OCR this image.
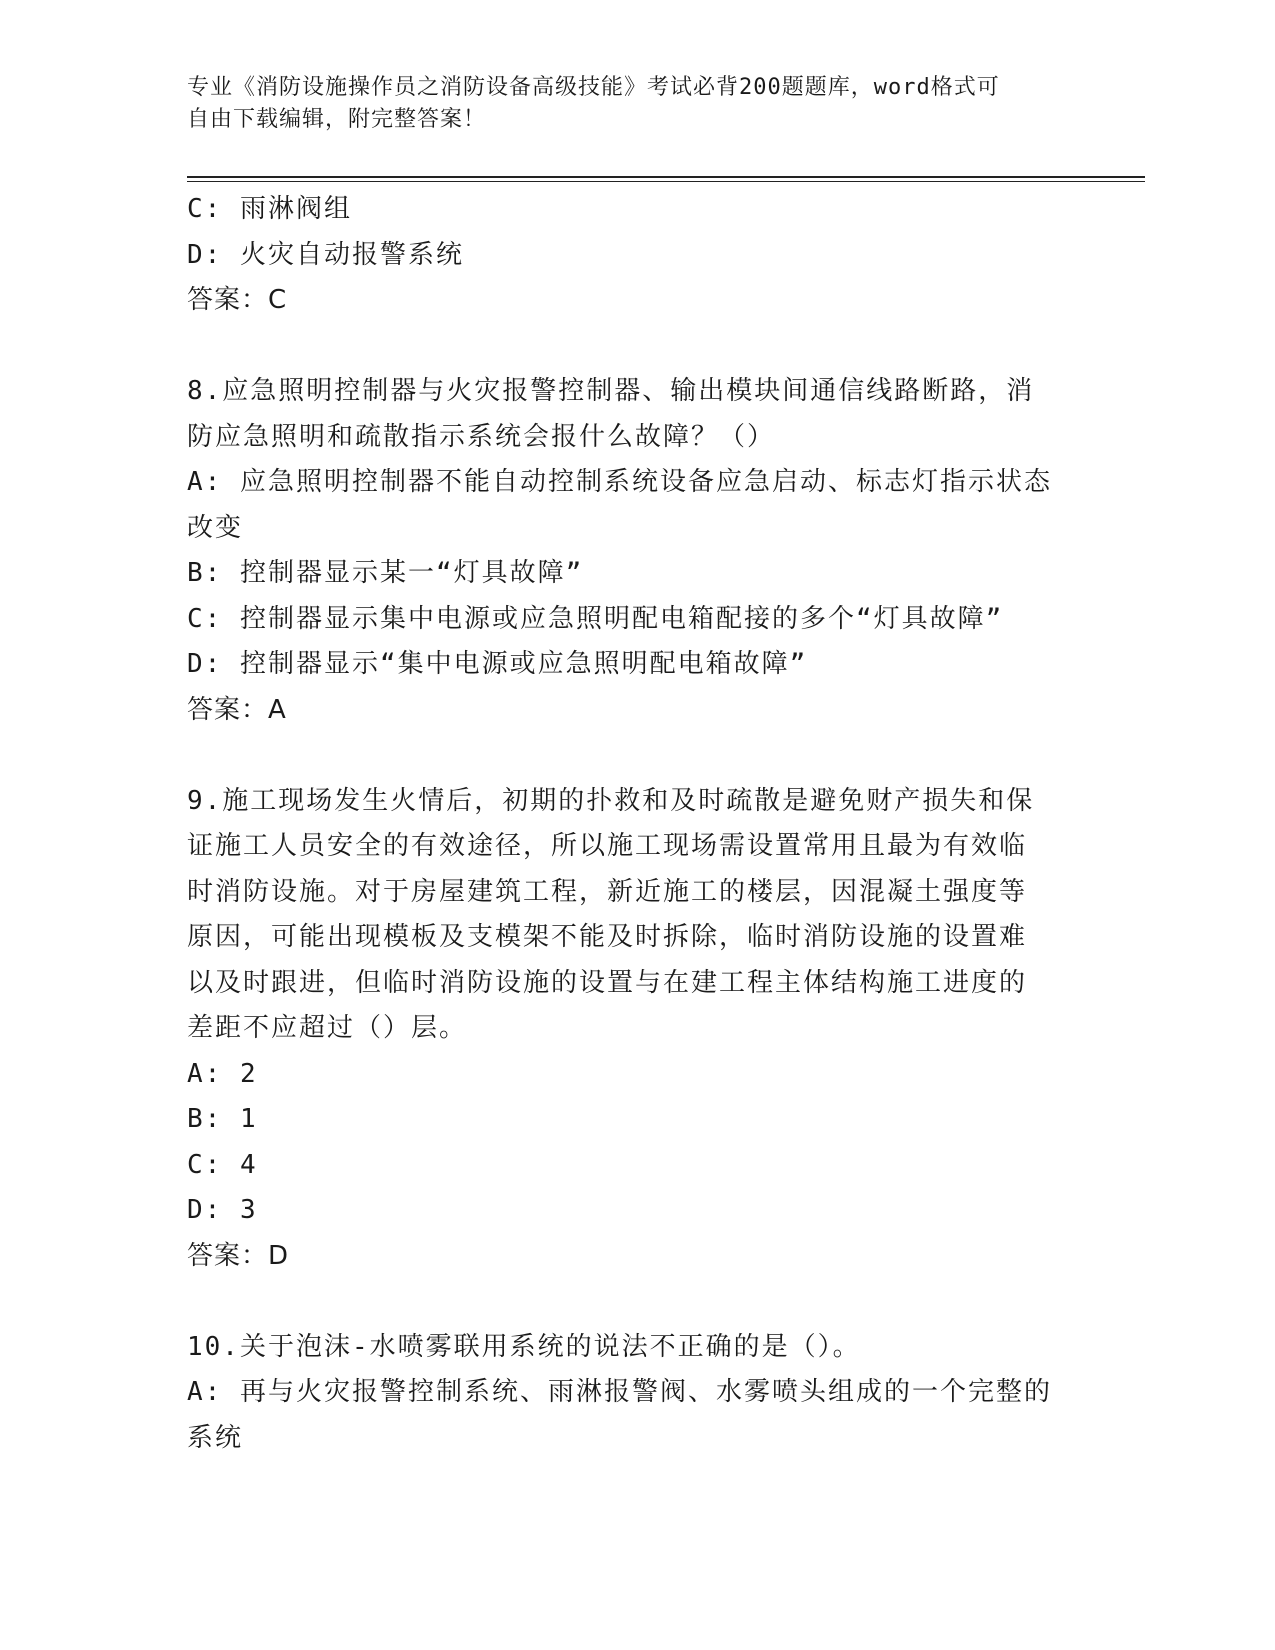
专业《消防设施操作员之消防设备高级技能》考试必背200题题库，word格式可
自由下载编辑，附完整答案！
C: 雨淋阀组
D: 火灾自动报警系统
答案：C
8.应急照明控制器与火灾报警控制器、输出模块间通信线路断路，消
防应急照明和疏散指示系统会报什么故障？（）
A: 应急照明控制器不能自动控制系统设备应急启动、标志灯指示状态
改变
B: 控制器显示某一“灯具故障”
C: 控制器显示集中电源或应急照明配电箱配接的多个“灯具故障”
D: 控制器显示“集中电源或应急照明配电箱故障”
答案：A
9.施工现场发生火情后，初期的扑救和及时疏散是避免财产损失和保
证施工人员安全的有效途径，所以施工现场需设置常用且最为有效临
时消防设施。对于房屋建筑工程，新近施工的楼层，因混凝土强度等
原因，可能出现模板及支模架不能及时拆除，临时消防设施的设置难
以及时跟进，但临时消防设施的设置与在建工程主体结构施工进度的
差距不应超过（）层。
A: 2
B: 1
C: 4
D: 3
答案：D
10.关于泡沫-水喷雾联用系统的说法不正确的是（）。
A: 再与火灾报警控制系统、雨淋报警阀、水雾喷头组成的一个完整的
系统
